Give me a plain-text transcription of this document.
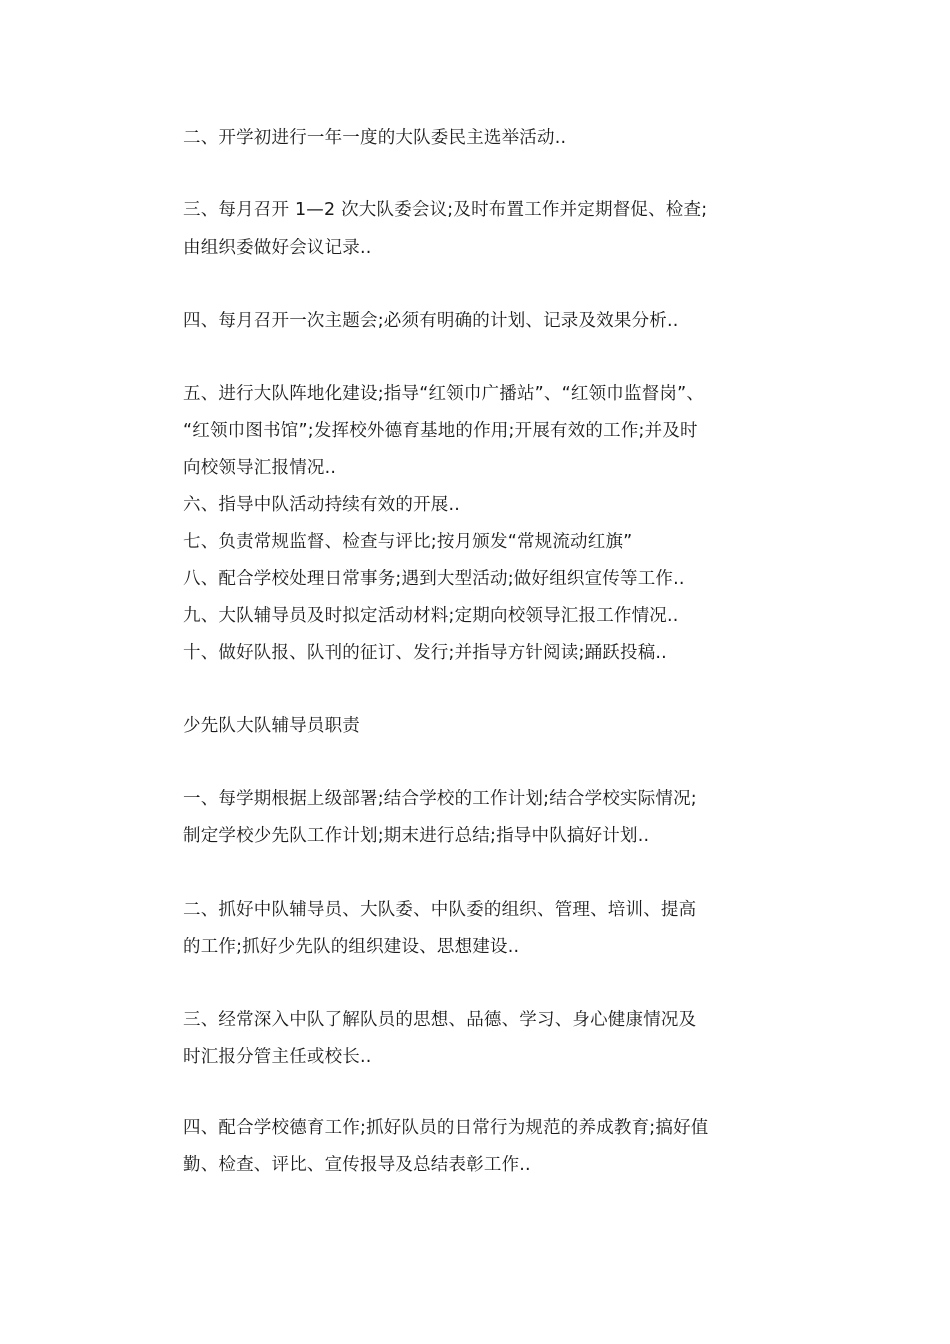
二、开学初进行一年一度的大队委民主选举活动..
三、每月召开 1—2 次大队委会议;及时布置工作并定期督促、检查;
由组织委做好会议记录..
四、每月召开一次主题会;必须有明确的计划、记录及效果分析..
五、进行大队阵地化建设;指导“红领巾广播站”、“红领巾监督岗”、
“红领巾图书馆”;发挥校外德育基地的作用;开展有效的工作;并及时
向校领导汇报情况..
六、指导中队活动持续有效的开展..
七、负责常规监督、检查与评比;按月颁发“常规流动红旗”
八、配合学校处理日常事务;遇到大型活动;做好组织宣传等工作..
九、大队辅导员及时拟定活动材料;定期向校领导汇报工作情况..
十、做好队报、队刊的征订、发行;并指导方针阅读;踊跃投稿..
少先队大队辅导员职责
一、每学期根据上级部署;结合学校的工作计划;结合学校实际情况;
制定学校少先队工作计划;期末进行总结;指导中队搞好计划..
二、抓好中队辅导员、大队委、中队委的组织、管理、培训、提高
的工作;抓好少先队的组织建设、思想建设..
三、经常深入中队了解队员的思想、品德、学习、身心健康情况及
时汇报分管主任或校长..
四、配合学校德育工作;抓好队员的日常行为规范的养成教育;搞好值
勤、检查、评比、宣传报导及总结表彰工作..
